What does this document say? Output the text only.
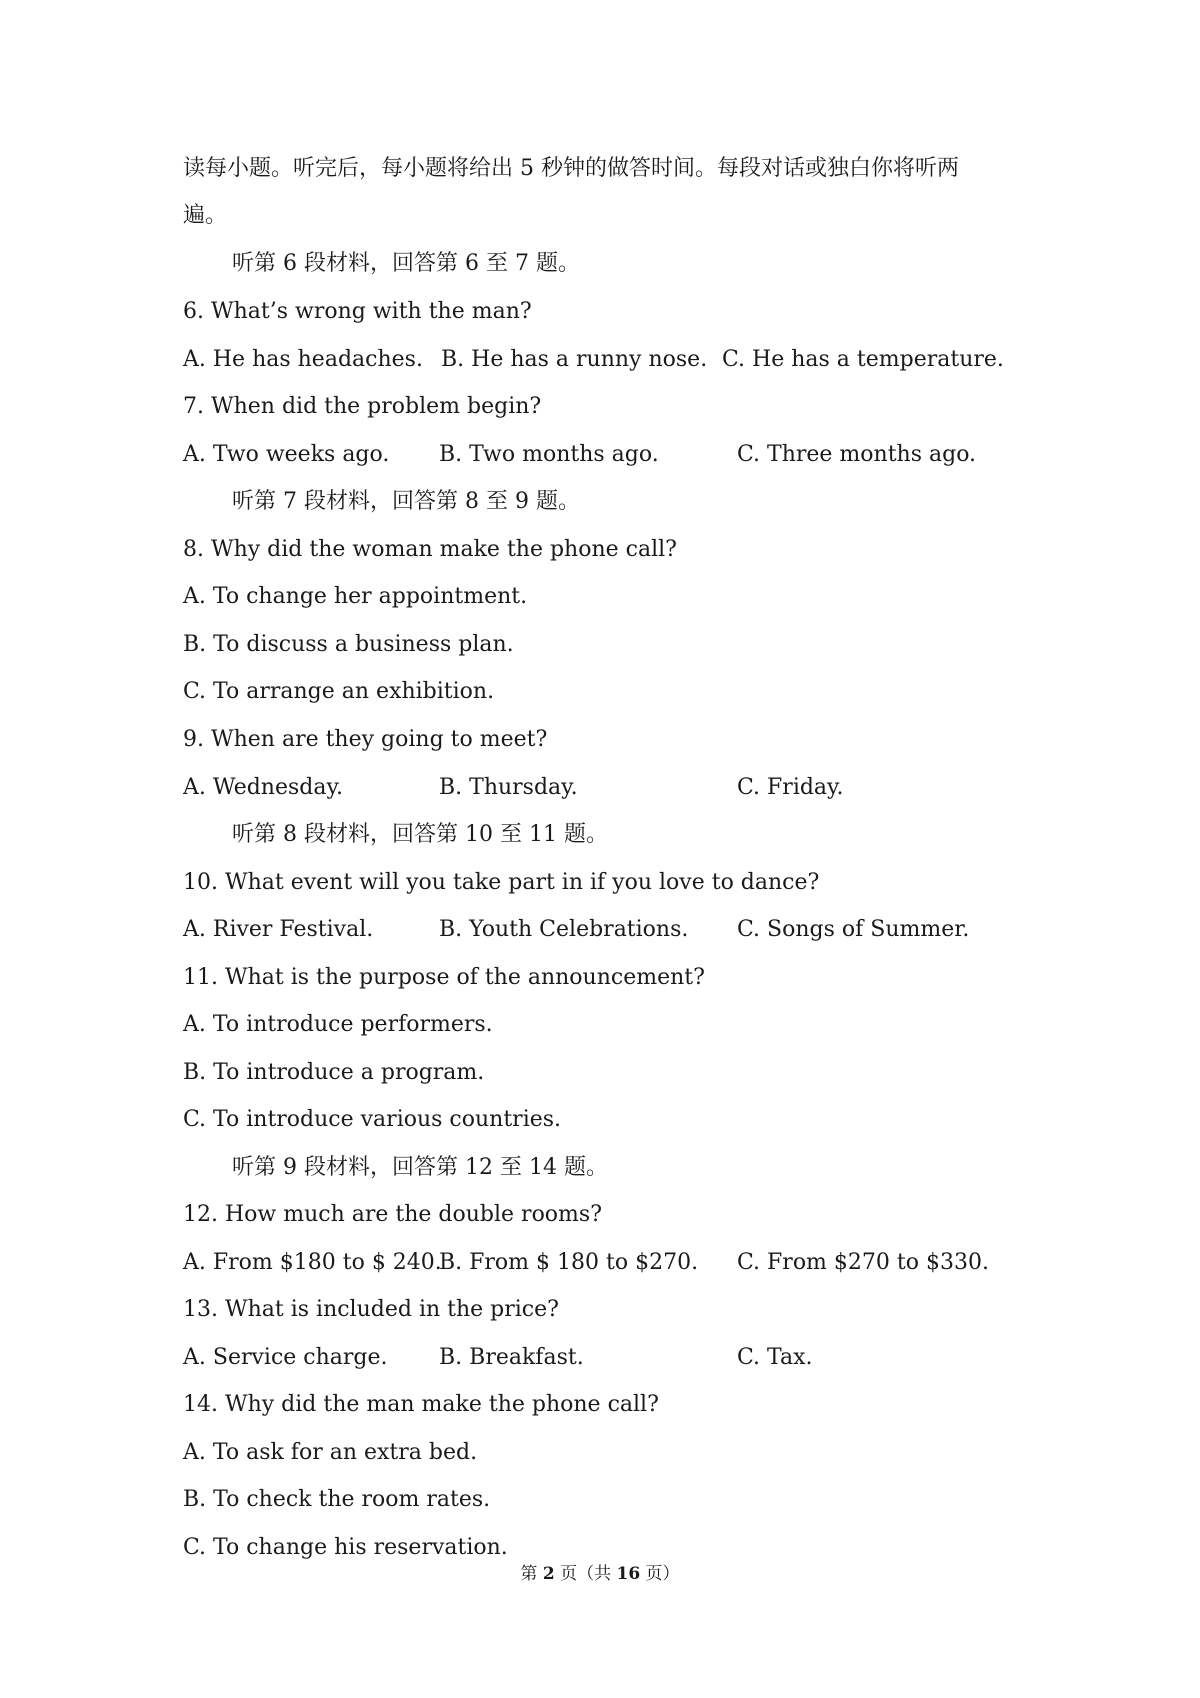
读每小题。听完后，每小题将给出 5 秒钟的做答时间。每段对话或独白你将听两
遍。
听第 6 段材料，回答第 6 至 7 题。
6. What’s wrong with the man?
A. He has headaches. B. He has a runny nose. C. He has a temperature.
7. When did the problem begin?
A. Two weeks ago. B. Two months ago.	C. Three months ago.
听第 7 段材料，回答第 8 至 9 题。
8. Why did the woman make the phone call?
A. To change her appointment.
B. To discuss a business plan.
C. To arrange an exhibition.
9. When are they going to meet?
A. Wednesday.	B. Thursday.	C. Friday.
听第 8 段材料，回答第 10 至 11 题。
10. What event will you take part in if you love to dance?
A. River Festival.	B. Youth Celebrations. C. Songs of Summer.
11. What is the purpose of the announcement?
A. To introduce performers.
B. To introduce a program.
C. To introduce various countries.
听第 9 段材料，回答第 12 至 14 题。
12. How much are the double rooms?
A. From $180 to $ 240.
B. From $ 180 to $270. C. From $270 to $330.
13. What is included in the price?
A. Service charge. B. Breakfast.	C. Tax.
14. Why did the man make the phone call?
A. To ask for an extra bed.
B. To check the room rates.
C. To change his reservation.
第 2 页（共 16 页）
